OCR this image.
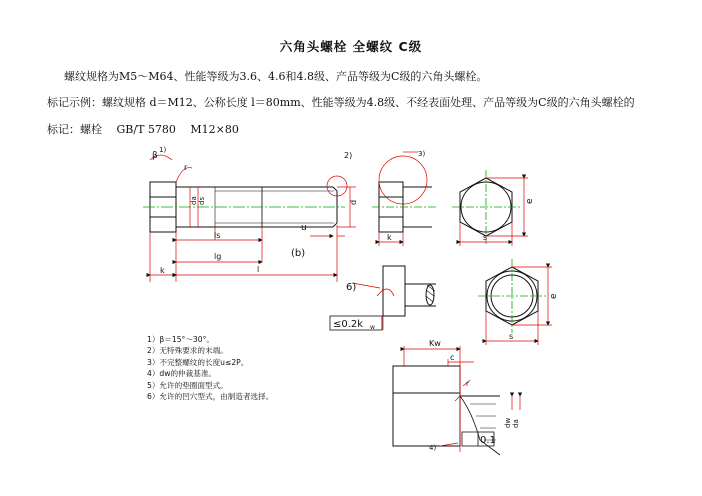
六角头螺栓 全螺纹 C级
螺纹规格为M5～M64、性能等级为3.6、4.6和4.8级、产品等级为C级的六角头螺栓。
标记示例：螺纹规格 d＝M12、公称长度 l＝80mm、性能等级为4.8级、不经表面处理、产品等级为C级的六角头螺栓的
标记：螺栓　 GB/T 5780　 M12×80
β
1)
r
2)
da ds	d
ls
lg
l
u
(b)
k
3)
k	s
e
6)
≤0.2k w
s
e
Kw
c
r
dw da
0.1
4)
1）β＝15°～30°。
2）无特殊要求的末端。
3）不完整螺纹的长度u≤2P。
4）dw的仲裁基准。
5）允许的垫圈面型式。
6）允许的凹穴型式，由制造者选择。
